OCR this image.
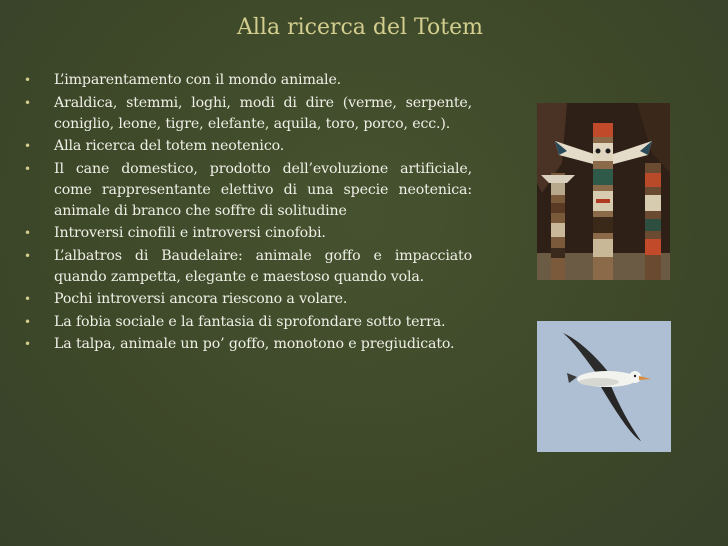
Alla ricerca del Totem
• L’imparentamento con il mondo animale.
• Araldica, stemmi, loghi, modi di dire (verme, serpente, coniglio, leone, tigre, elefante, aquila, toro, porco, ecc.).
• Alla ricerca del totem neotenico.
• Il cane domestico, prodotto dell’evoluzione artificiale, come rappresentante elettivo di una specie neotenica: animale di branco che soffre di solitudine
• Introversi cinofili e introversi cinofobi.
• L’albatros di Baudelaire: animale goffo e impacciato quando zampetta, elegante e maestoso quando vola.
• Pochi introversi ancora riescono a volare.
• La fobia sociale e la fantasia di sprofondare sotto terra.
• La talpa, animale un po’ goffo, monotono e pregiudicato.
